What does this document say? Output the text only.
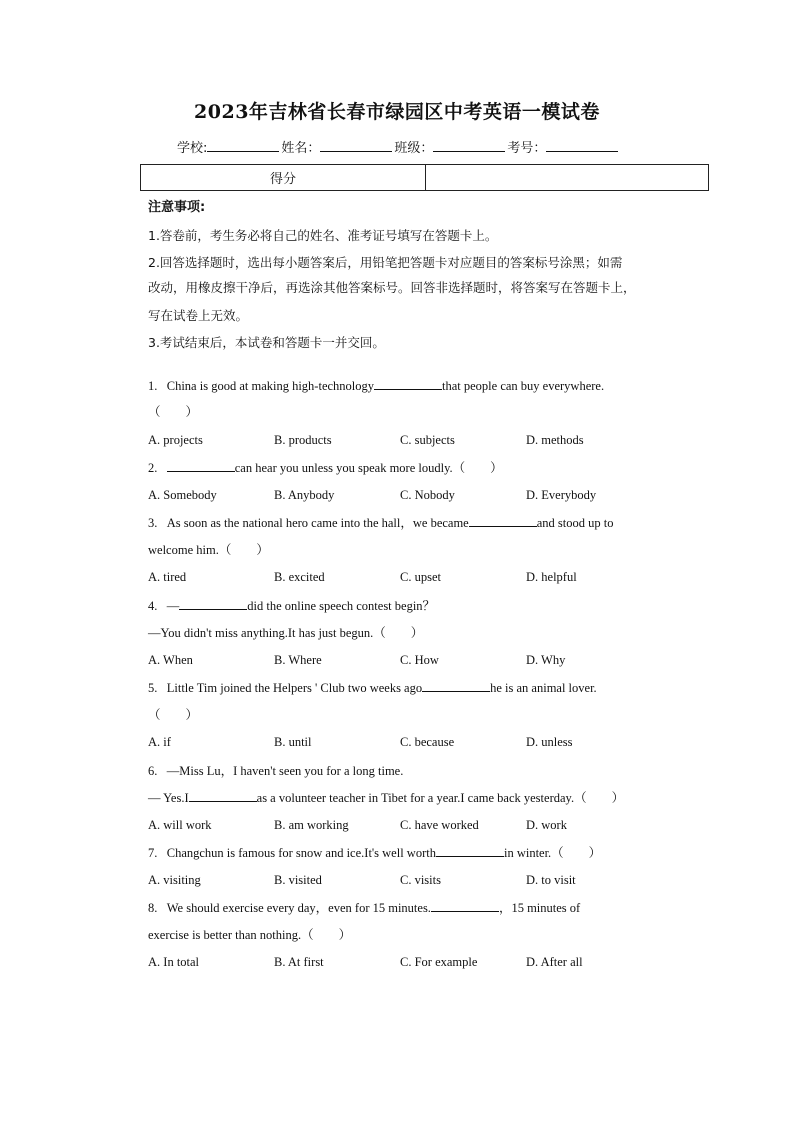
2023年吉林省长春市绿园区中考英语一模试卷
学校:	姓名：	班级：	考号：
得分
注意事项:
1.答卷前，考生务必将自己的姓名、准考证号填写在答题卡上。
2.回答选择题时，选出每小题答案后，用铅笔把答题卡对应题目的答案标号涂黑；如需
改动，用橡皮擦干净后，再选涂其他答案标号。回答非选择题时，将答案写在答题卡上，
写在试卷上无效。
3.考试结束后，本试卷和答题卡一并交回。
1. China is good at making high-technology	that people can buy everywhere.
（　　）
A. projects	B. products	C. subjects	D. methods
2.	can hear you unless you speak more loudly.（　　）
A. Somebody	B. Anybody	C. Nobody	D. Everybody
3. As soon as the national hero came into the hall，we became	and stood up to
welcome him.（　　）
A. tired	B. excited	C. upset	D. helpful
4. —	did the online speech contest begin？
—You didn't miss anything.It has just begun.（　　）
A. When	B. Where	C. How	D. Why
5. Little Tim joined the Helpers ' Club two weeks ago	he is an animal lover.
（　　）
A. if	B. until	C. because	D. unless
6. —Miss Lu，I haven't seen you for a long time.
— Yes.I	as a volunteer teacher in Tibet for a year.I came back yesterday.（　　）
A. will work	B. am working	C. have worked	D. work
7. Changchun is famous for snow and ice.It's well worth	in winter.（　　）
A. visiting	B. visited	C. visits	D. to visit
8. We should exercise every day，even for 15 minutes.	，15 minutes of
exercise is better than nothing.（　　）
A. In total	B. At first	C. For example	D. After all
